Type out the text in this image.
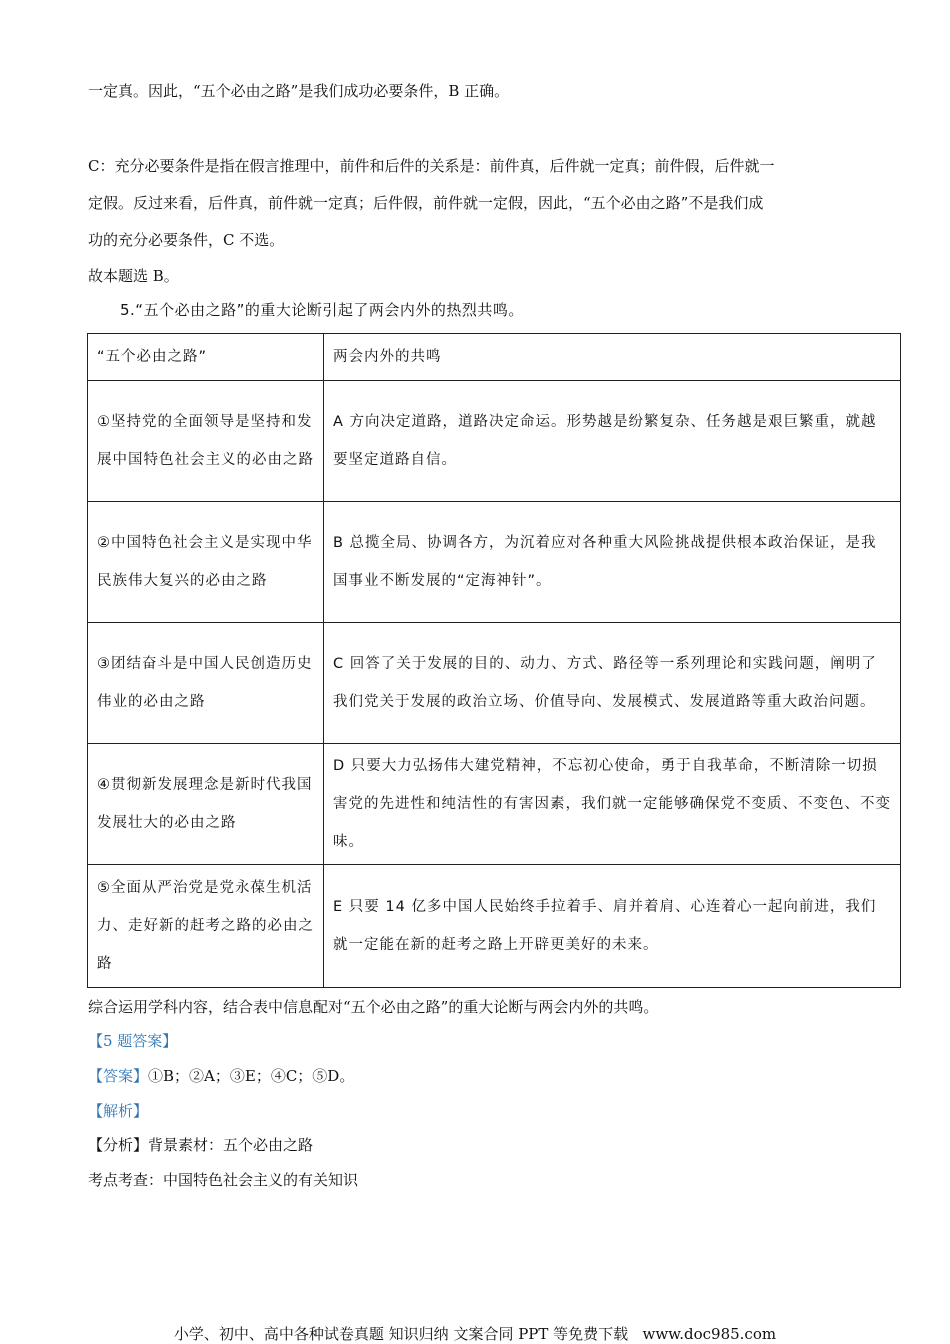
一定真。因此，“五个必由之路”是我们成功必要条件，B 正确。
C：充分必要条件是指在假言推理中，前件和后件的关系是：前件真，后件就一定真；前件假，后件就一
定假。反过来看，后件真，前件就一定真；后件假，前件就一定假，因此，“五个必由之路”不是我们成
功的充分必要条件，C 不选。
故本题选 B。
5.“五个必由之路”的重大论断引起了两会内外的热烈共鸣。
“五个必由之路”	两会内外的共鸣
①坚持党的全面领导是坚持和发展中国特色社会主义的必由之路	A 方向决定道路，道路决定命运。形势越是纷繁复杂、任务越是艰巨繁重，就越要坚定道路自信。
②中国特色社会主义是实现中华民族伟大复兴的必由之路	B 总揽全局、协调各方，为沉着应对各种重大风险挑战提供根本政治保证，是我国事业不断发展的“定海神针”。
③团结奋斗是中国人民创造历史伟业的必由之路	C 回答了关于发展的目的、动力、方式、路径等一系列理论和实践问题，阐明了我们党关于发展的政治立场、价值导向、发展模式、发展道路等重大政治问题。
④贯彻新发展理念是新时代我国发展壮大的必由之路	D 只要大力弘扬伟大建党精神，不忘初心使命，勇于自我革命，不断清除一切损害党的先进性和纯洁性的有害因素，我们就一定能够确保党不变质、不变色、不变味。
⑤全面从严治党是党永葆生机活力、走好新的赶考之路的必由之路	E 只要 14 亿多中国人民始终手拉着手、肩并着肩、心连着心一起向前进，我们就一定能在新的赶考之路上开辟更美好的未来。
综合运用学科内容，结合表中信息配对“五个必由之路”的重大论断与两会内外的共鸣。
【5 题答案】
【答案】①B；②A；③E；④C；⑤D。
【解析】
【分析】背景素材：五个必由之路
考点考查：中国特色社会主义的有关知识
小学、初中、高中各种试卷真题 知识归纳 文案合同 PPT 等免费下载 www.doc985.com
